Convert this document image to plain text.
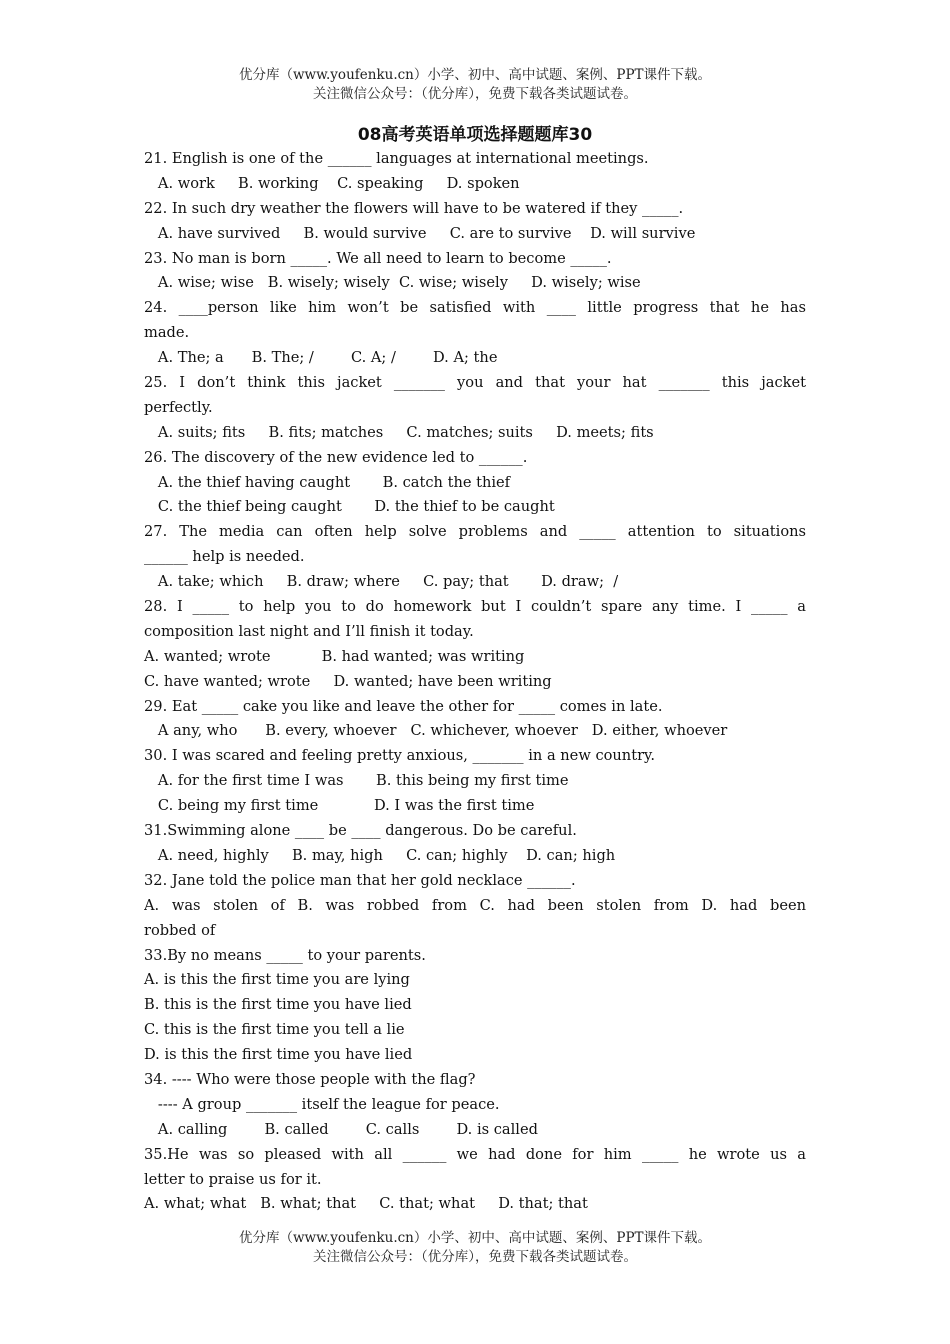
优分库（www.youfenku.cn）小学、初中、高中试题、案例、PPT课件下载。
关注微信公众号：（优分库），免费下载各类试题试卷。
08高考英语单项选择题题库30
21. English is one of the ______ languages at international meetings.
A. work     B. working    C. speaking     D. spoken
22. In such dry weather the flowers will have to be watered if they _____.
A. have survived     B. would survive     C. are to survive    D. will survive
23. No man is born _____. We all need to learn to become _____.
A. wise; wise   B. wisely; wisely  C. wise; wisely     D. wisely; wise
24. ____person like him won’t be satisfied with ____ little progress that he has
made.
A. The; a      B. The; /        C. A; /        D. A; the
25. I don’t think this jacket _______ you and that your hat _______ this jacket
perfectly.
A. suits; fits     B. fits; matches     C. matches; suits     D. meets; fits
26. The discovery of the new evidence led to ______.
A. the thief having caught       B. catch the thief
C. the thief being caught       D. the thief to be caught
27. The media can often help solve problems and _____ attention to situations
______ help is needed.
A. take; which     B. draw; where     C. pay; that       D. draw;  /
28. I _____ to help you to do homework but I couldn’t spare any time. I _____ a
composition last night and I’ll finish it today.
A. wanted; wrote           B. had wanted; was writing
C. have wanted; wrote     D. wanted; have been writing
29. Eat _____ cake you like and leave the other for _____ comes in late.
A any, who      B. every, whoever   C. whichever, whoever   D. either, whoever
30. I was scared and feeling pretty anxious, _______ in a new country.
A. for the first time I was       B. this being my first time
C. being my first time            D. I was the first time
31.Swimming alone ____ be ____ dangerous. Do be careful.
A. need, highly     B. may, high     C. can; highly    D. can; high
32. Jane told the police man that her gold necklace ______.
A. was stolen of B. was robbed from C. had been stolen from D. had been
robbed of
33.By no means _____ to your parents.
A. is this the first time you are lying
B. this is the first time you have lied
C. this is the first time you tell a lie
D. is this the first time you have lied
34. ---- Who were those people with the flag?
---- A group _______ itself the league for peace.
A. calling        B. called        C. calls        D. is called
35.He was so pleased with all ______ we had done for him _____ he wrote us a
letter to praise us for it.
A. what; what   B. what; that     C. that; what     D. that; that
优分库（www.youfenku.cn）小学、初中、高中试题、案例、PPT课件下载。
关注微信公众号：（优分库），免费下载各类试题试卷。
